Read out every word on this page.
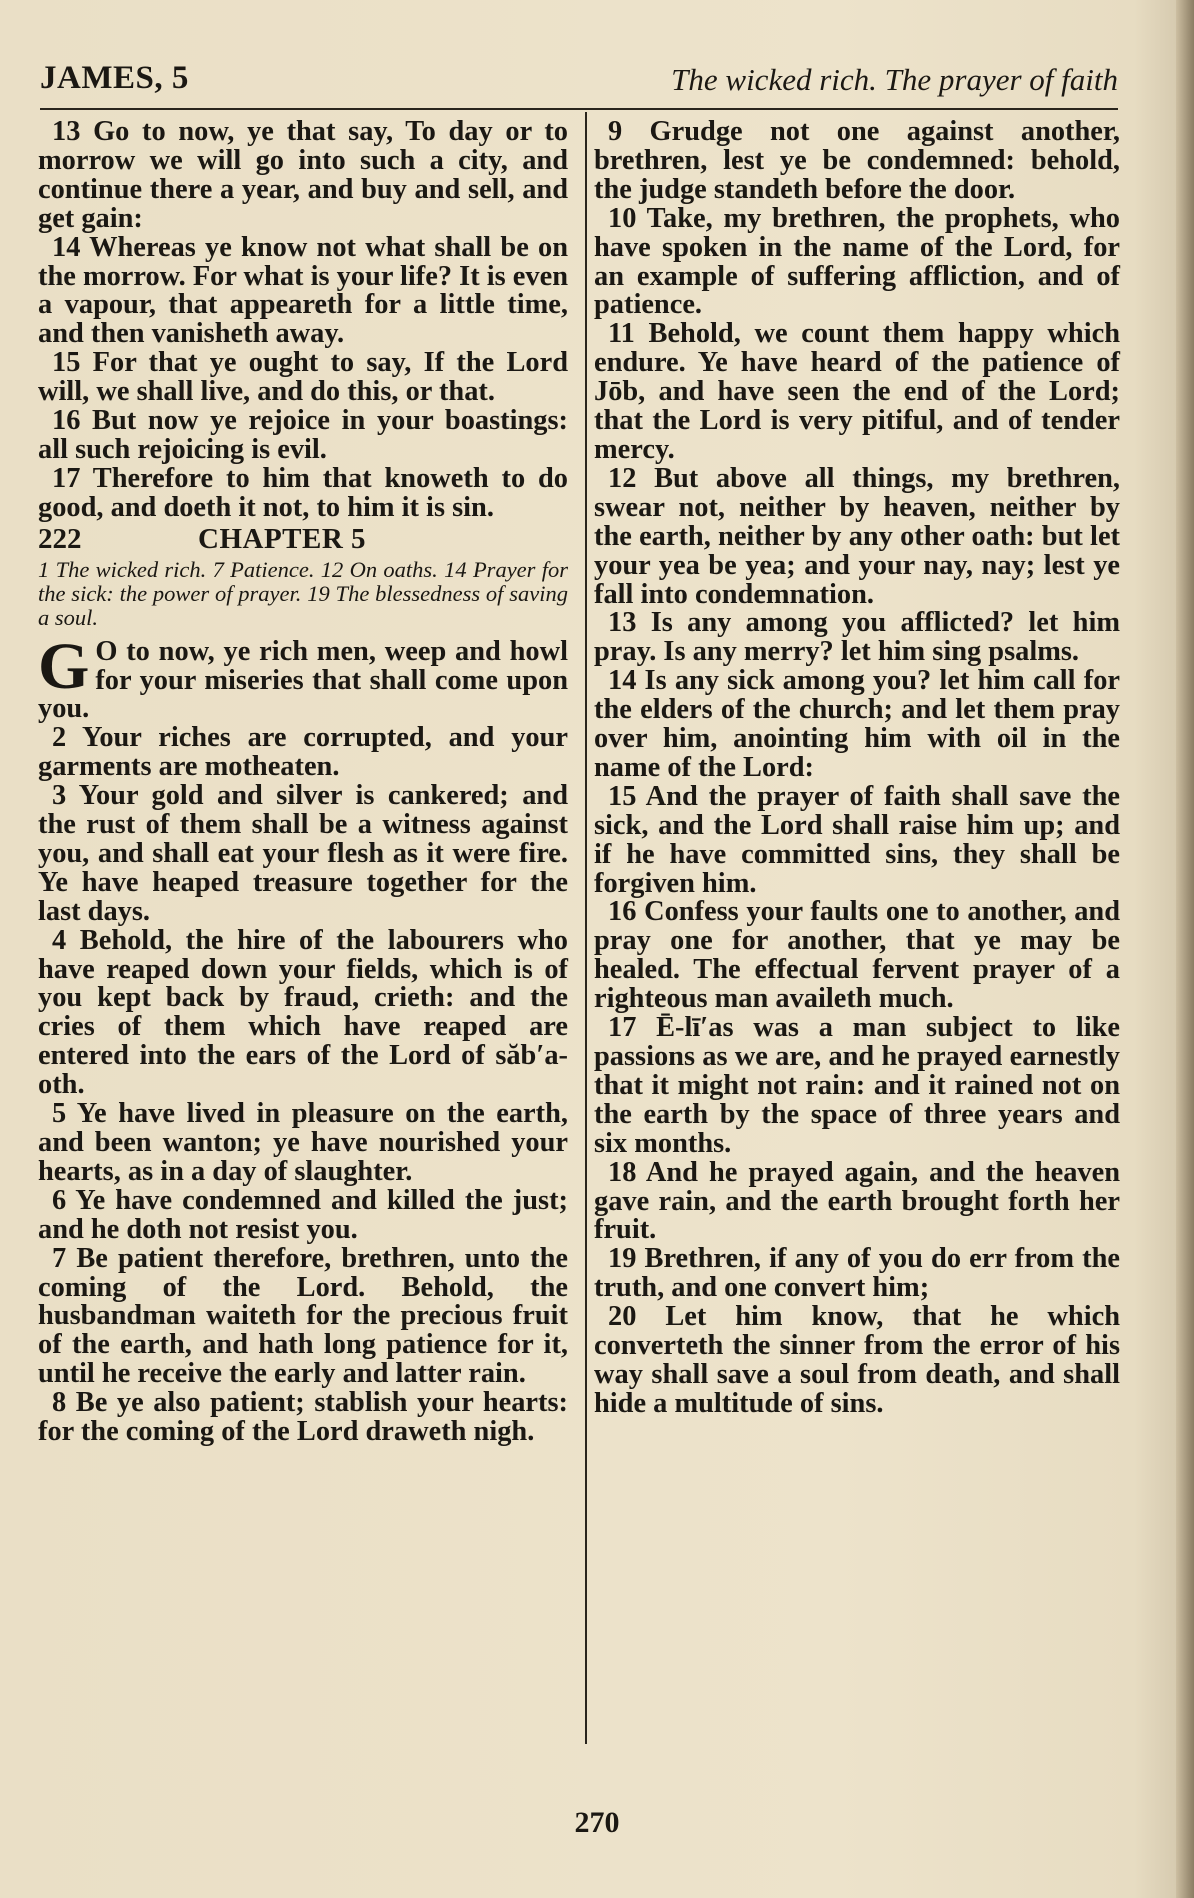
JAMES, 5	The wicked rich. The prayer of faith

13 Go to now, ye that say, To day or to morrow we will go into such a city, and continue there a year, and buy and sell, and get gain:

14 Whereas ye know not what shall be on the morrow. For what is your life? It is even a vapour, that appeareth for a little time, and then vanisheth away.

15 For that ye ought to say, If the Lord will, we shall live, and do this, or that.

16 But now ye rejoice in your boastings: all such rejoicing is evil.

17 Therefore to him that knoweth to do good, and doeth it not, to him it is sin.

222	CHAPTER 5

1 The wicked rich. 7 Patience. 12 On oaths. 14 Prayer for the sick: the power of prayer. 19 The blessedness of saving a soul.

G O to now, ye rich men, weep and howl for your miseries that shall come upon you.

2 Your riches are corrupted, and your garments are motheaten.

3 Your gold and silver is cankered; and the rust of them shall be a witness against you, and shall eat your flesh as it were fire. Ye have heaped treasure together for the last days.

4 Behold, the hire of the labourers who have reaped down your fields, which is of you kept back by fraud, crieth: and the cries of them which have reaped are entered into the ears of the Lord of săb′a-oth.

5 Ye have lived in pleasure on the earth, and been wanton; ye have nourished your hearts, as in a day of slaughter.

6 Ye have condemned and killed the just; and he doth not resist you.

7 Be patient therefore, brethren, unto the coming of the Lord. Behold, the husbandman waiteth for the precious fruit of the earth, and hath long patience for it, until he receive the early and latter rain.

8 Be ye also patient; stablish your hearts: for the coming of the Lord draweth nigh.

9 Grudge not one against another, brethren, lest ye be condemned: behold, the judge standeth before the door.

10 Take, my brethren, the prophets, who have spoken in the name of the Lord, for an example of suffering affliction, and of patience.

11 Behold, we count them happy which endure. Ye have heard of the patience of Jōb, and have seen the end of the Lord; that the Lord is very pitiful, and of tender mercy.

12 But above all things, my brethren, swear not, neither by heaven, neither by the earth, neither by any other oath: but let your yea be yea; and your nay, nay; lest ye fall into condemnation.

13 Is any among you afflicted? let him pray. Is any merry? let him sing psalms.

14 Is any sick among you? let him call for the elders of the church; and let them pray over him, anointing him with oil in the name of the Lord:

15 And the prayer of faith shall save the sick, and the Lord shall raise him up; and if he have committed sins, they shall be forgiven him.

16 Confess your faults one to another, and pray one for another, that ye may be healed. The effectual fervent prayer of a righteous man availeth much.

17 Ē-lī′as was a man subject to like passions as we are, and he prayed earnestly that it might not rain: and it rained not on the earth by the space of three years and six months.

18 And he prayed again, and the heaven gave rain, and the earth brought forth her fruit.

19 Brethren, if any of you do err from the truth, and one convert him;

20 Let him know, that he which converteth the sinner from the error of his way shall save a soul from death, and shall hide a multitude of sins.

270
